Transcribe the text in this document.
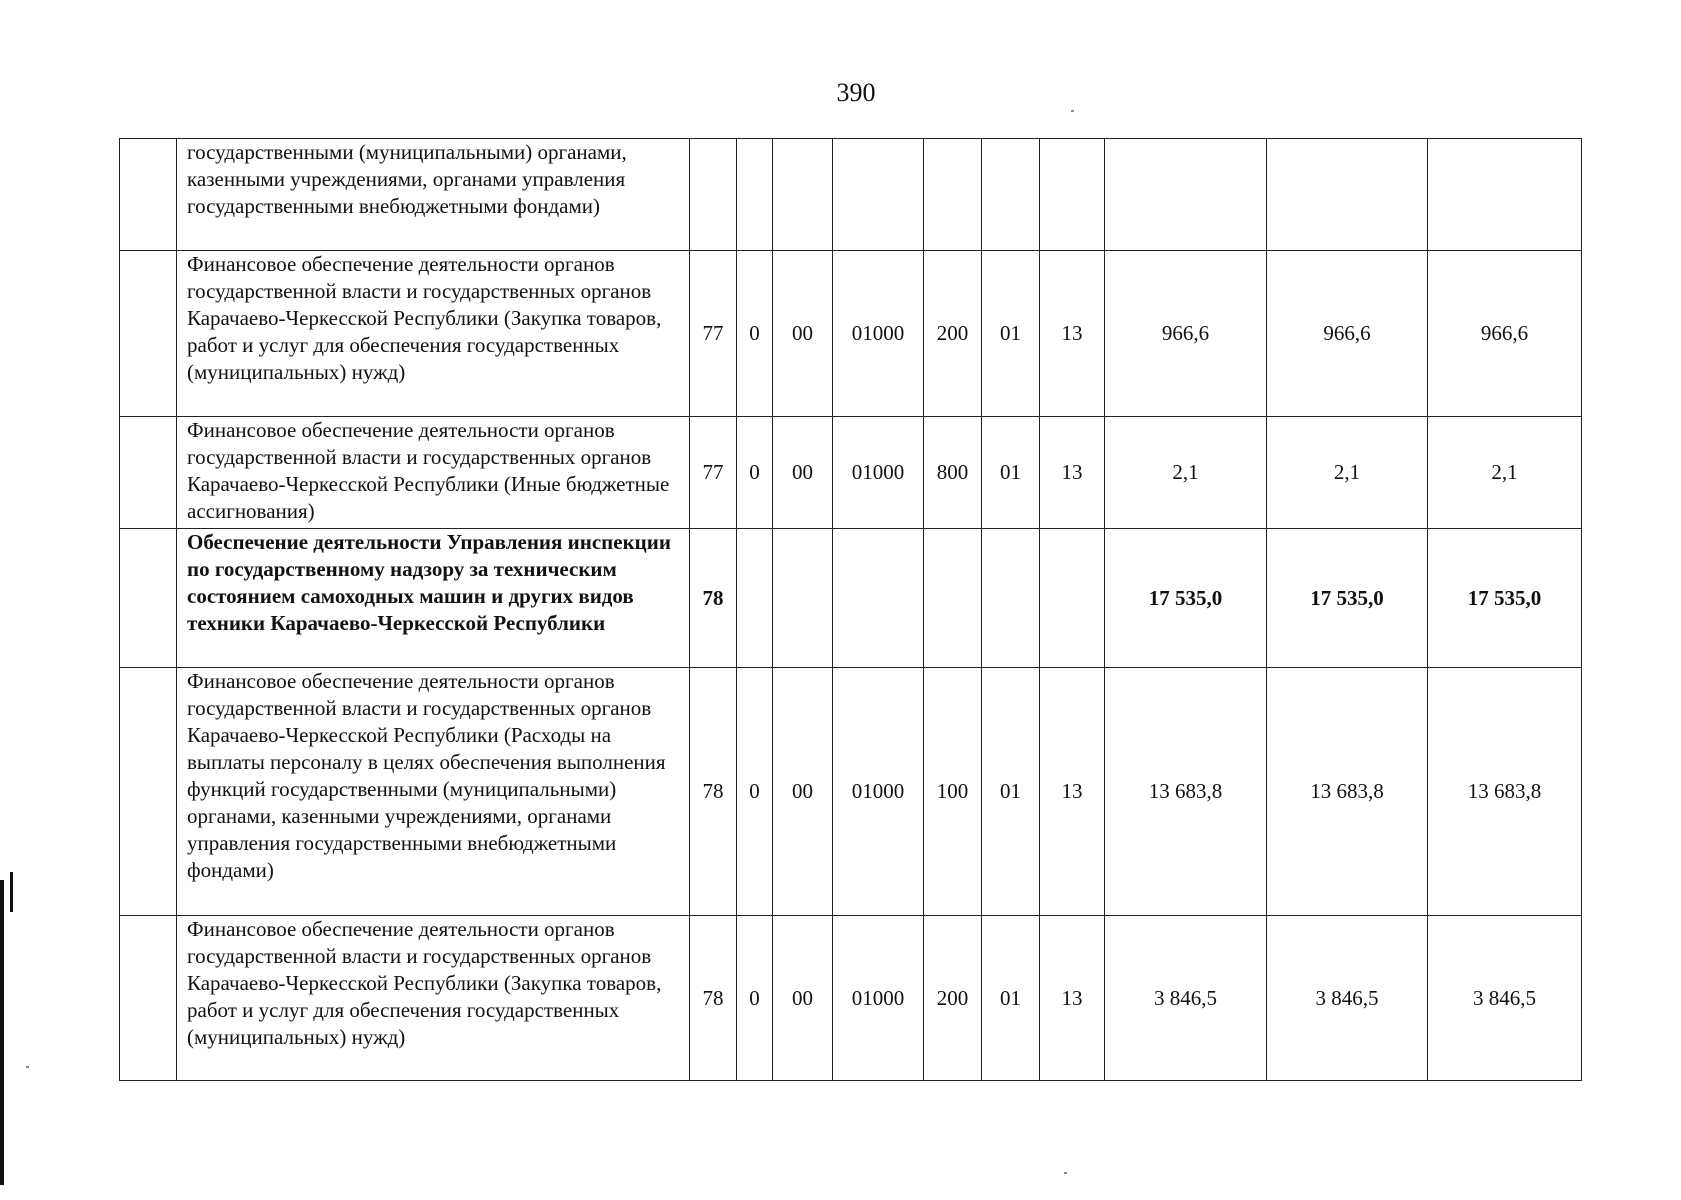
390
	государственными (муниципальными) органами, казенными учреждениями, органами управления государственными внебюджетными фондами)										
	Финансовое обеспечение деятельности органов государственной власти и государственных органов Карачаево-Черкесской Республики (Закупка товаров, работ и услуг для обеспечения государственных (муниципальных) нужд)	77	0	00	01000	200	01	13	966,6	966,6	966,6
	Финансовое обеспечение деятельности органов государственной власти и государственных органов Карачаево-Черкесской Республики (Иные бюджетные ассигнования)	77	0	00	01000	800	01	13	2,1	2,1	2,1
	Обеспечение деятельности Управления инспекции по государственному надзору за техническим состоянием самоходных машин и других видов техники Карачаево-Черкесской Республики	78							17 535,0	17 535,0	17 535,0
	Финансовое обеспечение деятельности органов государственной власти и государственных органов Карачаево-Черкесской Республики (Расходы на выплаты персоналу в целях обеспечения выполнения функций государственными (муниципальными) органами, казенными учреждениями, органами управления государственными внебюджетными фондами)	78	0	00	01000	100	01	13	13 683,8	13 683,8	13 683,8
	Финансовое обеспечение деятельности органов государственной власти и государственных органов Карачаево-Черкесской Республики (Закупка товаров, работ и услуг для обеспечения государственных (муниципальных) нужд)	78	0	00	01000	200	01	13	3 846,5	3 846,5	3 846,5
